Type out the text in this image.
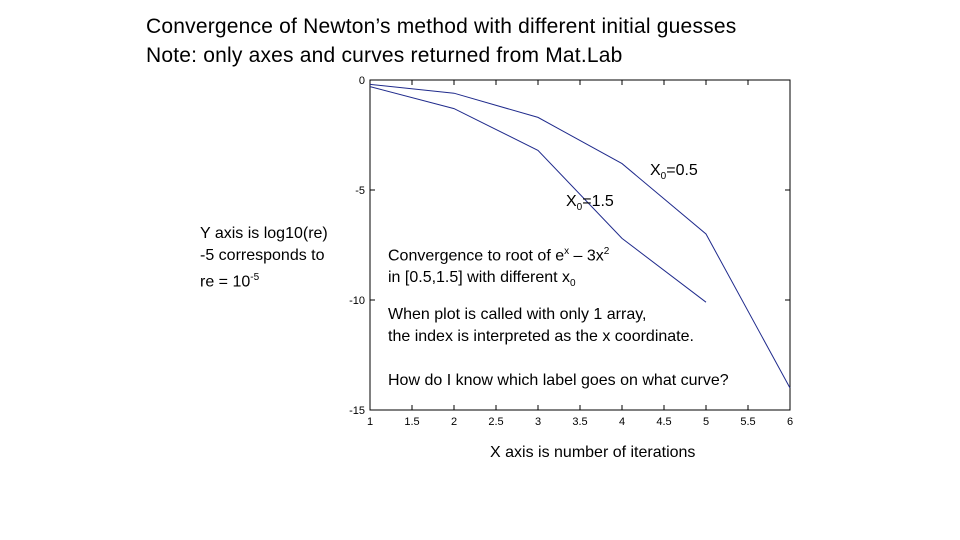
Convergence of Newton’s method with different initial guesses
Note: only axes and curves returned from Mat.Lab
1	1.5	2	2.5	3	3.5	4	4.5	5	5.5	6
0
-5
-10
-15
Y axis is log10(re)
-5 corresponds to
re = $10^{-5}$
$X_0=0.5$
$X_0=1.5$
Convergence to root of $e^x - 3x^2$
in [0.5,1.5] with different $x_0$
When plot is called with only 1 array,
the index is interpreted as the x coordinate.
How do I know which label goes on what curve?
X axis is number of iterations
